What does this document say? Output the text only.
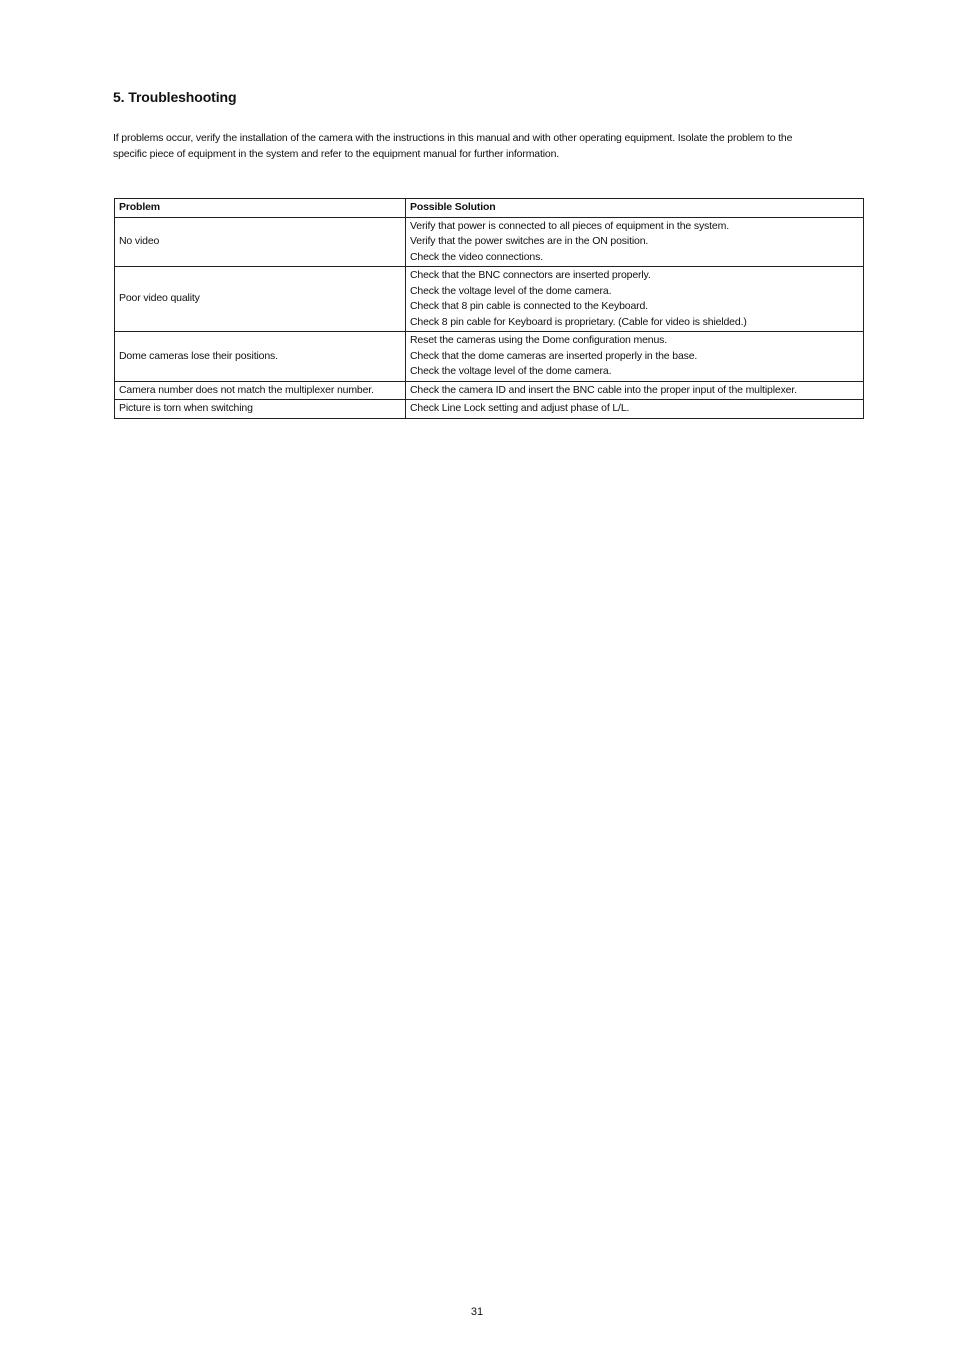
5. Troubleshooting

If problems occur, verify the installation of the camera with the instructions in this manual and with other operating equipment. Isolate the problem to the

specific piece of equipment in the system and refer to the equipment manual for further information.

Problem	Possible Solution
No video	Verify that power is connected to all pieces of equipment in the system.
Verify that the power switches are in the ON position.
Check the video connections.

Poor video quality	Check that the BNC connectors are inserted properly.
Check the voltage level of the dome camera.
Check that 8 pin cable is connected to the Keyboard.
Check 8 pin cable for Keyboard is proprietary. (Cable for video is shielded.)

Dome cameras lose their positions.	Reset the cameras using the Dome configuration menus.
Check that the dome cameras are inserted properly in the base.
Check the voltage level of the dome camera.

Camera number does not match the multiplexer number.	Check the camera ID and insert the BNC cable into the proper input of the multiplexer.

Picture is torn when switching	Check Line Lock setting and adjust phase of L/L.
31
